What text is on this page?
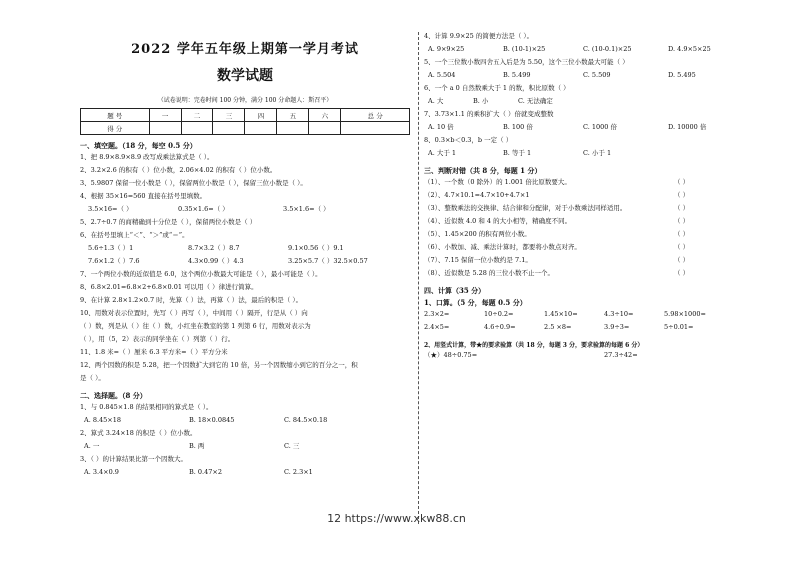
2022 学年五年级上期第一学月考试
数学试题
（试卷说明：完卷时间 100 分钟，满分 100 分命题人：斯召平）
题 号	一	二	三	四	五	六	总 分
得 分							
一、填空题。（18 分，每空 0.5 分）
1、把 8.9×8.9×8.9 改写成乘法算式是（ ）。
2、3.2×2.6 的积有（ ）位小数，2.06×4.02 的积有（ ）位小数。
3、5.9807 保留一位小数是（ ），保留两位小数是（ ），保留三位小数是（ ）。
4、根据 35×16=560 直接在括号里填数。
3.5×16=（ ）	0.35×1.6=（ ）	3.5×1.6=（ ）
5、2.7÷0.7 的商精确到十分位是（ ），保留两位小数是（ ）
6、在括号里填上“＜”、“＞”或“＝”。
5.6÷1.3（ ）1	8.7×3.2（ ）8.7	9.1×0.56（ ）9.1
7.6×1.2（ ）7.6	4.3×0.99（ ）4.3	3.25×5.7（ ）32.5×0.57
7、一个两位小数的近似值是 6.0，这个两位小数最大可能是（ ），最小可能是（ ）。
8、6.8×2.01=6.8×2+6.8×0.01 可以用（ ）律进行简算。
9、在计算 2.8×1.2×0.7 时，先算（ ）法，再算（ ）法，最后的积是（ ）。
10、用数对表示位置时，先写（ ）再写（ ），中间用（ ）隔开，行是从（ ）向
（ ）数，列是从（ ）往（ ）数，小红坐在教室的第 1 列第 6 行，用数对表示为
（ ），用（5，2）表示的同学坐在（ ）列第（ ）行。
11、1.8 米=（ ）厘米 6.3 平方米=（ ）平方分米
12、两个因数的积是 5.28，把一个因数扩大到它的 10 倍，另一个因数缩小到它的百分之一，积
是（ ）。
二、选择题。（8 分）
1、与 0.845×1.8 的结果相同的算式是（ ）。
A. 8.45×18	B. 18×0.0845	C. 84.5×0.18
2、算式 3.24×18 的积是（ ）位小数。
A. 一	B. 两	C. 三
3、（ ）的计算结果比第一个因数大。
A. 3.4×0.9	B. 0.47×2	C. 2.3×1
4、计算 9.9×25 的简便方法是（ ）。
A. 9×9×25	B. (10-1)×25	C. (10-0.1)×25	D. 4.9×5×25
5、一个三位数小数四舍五入后是为 5.50，这个三位小数最大可能（ ）
A. 5.504	B. 5.499	C. 5.509	D. 5.495
6、一个 a 0 自然数乘大于 1 的数，积比原数（ ）
A. 大	B. 小	C. 无法确定
7、3.73×1.1 的乘积扩大（ ）倍就变成整数
A. 10 倍	B. 100 倍	C. 1000 倍	D. 10000 倍
8、0.3×b＜0.3，b 一定（ ）
A. 大于 1	B. 等于 1	C. 小于 1
三、判断对错（共 8 分，每题 1 分）
（1）、一个数（0 除外）的 1.001 倍比原数要大。	（ ）
（2）、4.7×10.1=4.7×10+4.7×1	（ ）
（3）、整数乘法的交换律、结合律和分配律，对于小数乘法同样适用。	（ ）
（4）、近似数 4.0 和 4 的大小相等，精确度不同。	（ ）
（5）、1.45×200 的积有两位小数。	（ ）
（6）、小数加、减、乘法计算时，都要将小数点对齐。	（ ）
（7）、7.15 保留一位小数约是 7.1。	（ ）
（8）、近似数是 5.28 的三位小数不止一个。	（ ）
四、计算（35 分）
1、口算。（5 分，每题 0.5 分）
2.3×2=	10÷0.2=	1.45×10=	4.3÷10=	5.98×1000=
2.4×5=	4.6÷0.9=	2.5 ×8=	3.9÷3=	5÷0.01=
2、用竖式计算，带★的要求验算（共 18 分，每题 3 分，要求验算的每题 6 分）
（★）48÷0.75=	27.3÷42=
12 https://www.xkw88.cn
